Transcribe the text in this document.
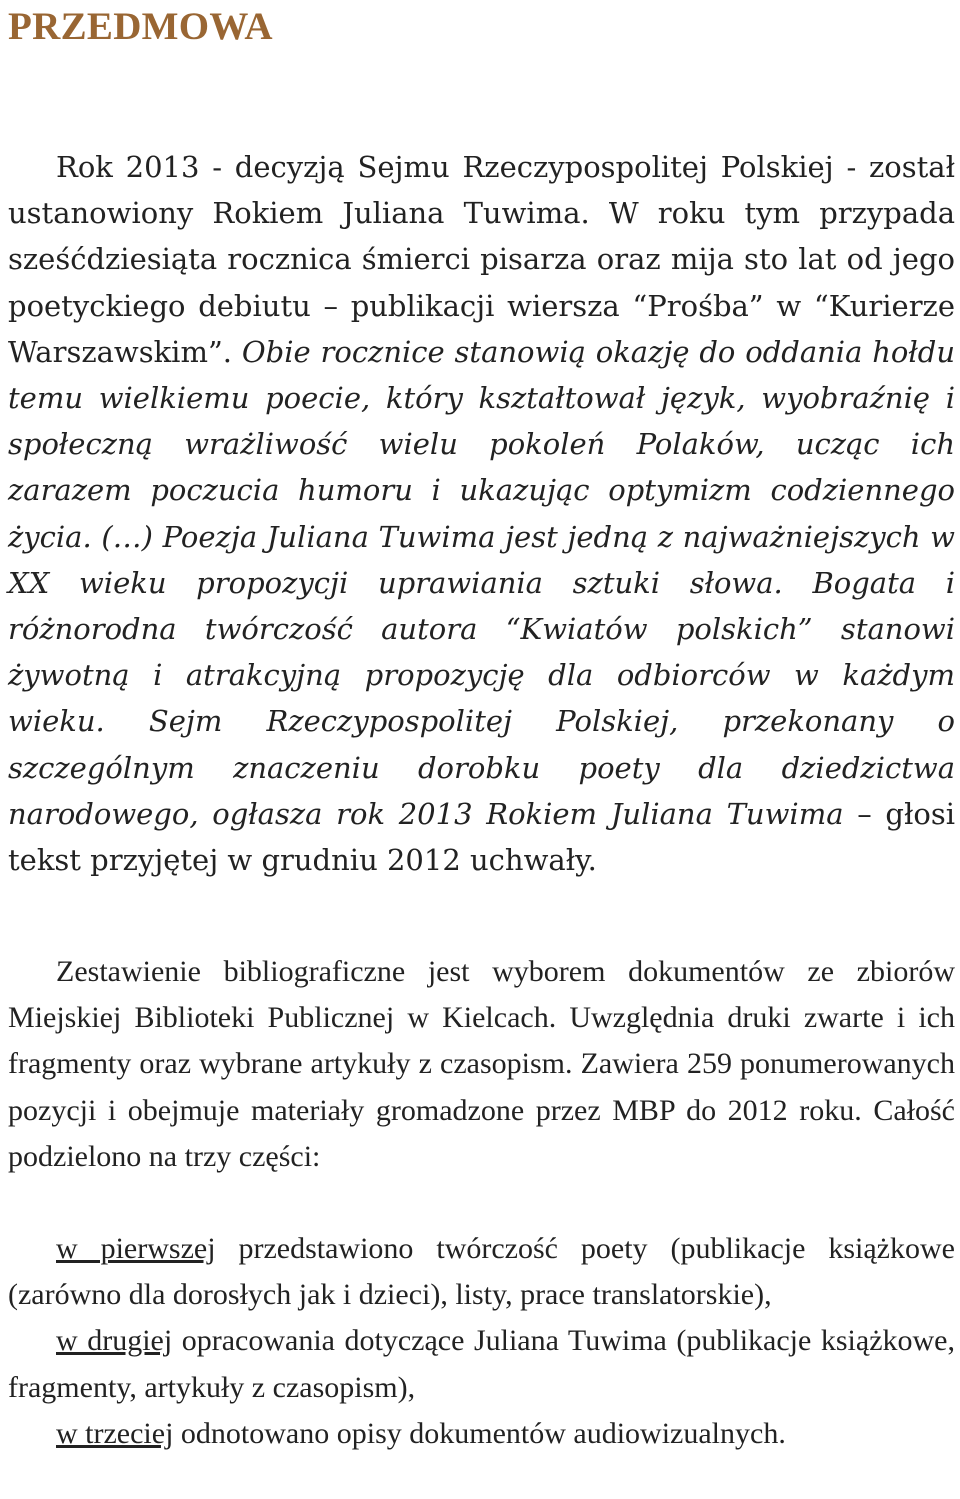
PRZEDMOWA

Rok 2013 - decyzją Sejmu Rzeczypospolitej Polskiej - został ustanowiony Rokiem Juliana Tuwima. W roku tym przypada sześćdziesiąta rocznica śmierci pisarza oraz mija sto lat od jego poetyckiego debiutu – publikacji wiersza “Prośba” w “Kurierze Warszawskim”. Obie rocznice stanowią okazję do oddania hołdu temu wielkiemu poecie, który kształtował język, wyobraźnię i społeczną wrażliwość wielu pokoleń Polaków, ucząc ich zarazem poczucia humoru i ukazując optymizm codziennego życia. (…) Poezja Juliana Tuwima jest jedną z najważniejszych w XX wieku propozycji uprawiania sztuki słowa. Bogata i różnorodna twórczość autora “Kwiatów polskich” stanowi żywotną i atrakcyjną propozycję dla odbiorców w każdym wieku. Sejm Rzeczypospolitej Polskiej, przekonany o szczególnym znaczeniu dorobku poety dla dziedzictwa narodowego, ogłasza rok 2013 Rokiem Juliana Tuwima – głosi tekst przyjętej w grudniu 2012 uchwały.

Zestawienie bibliograficzne jest wyborem dokumentów ze zbiorów Miejskiej Biblioteki Publicznej w Kielcach. Uwzględnia druki zwarte i ich fragmenty oraz wybrane artykuły z czasopism. Zawiera 259 ponumerowanych pozycji i obejmuje materiały gromadzone przez MBP do 2012 roku. Całość podzielono na trzy części:

w pierwszej przedstawiono twórczość poety (publikacje książkowe (zarówno dla dorosłych jak i dzieci), listy, prace translatorskie),

w drugiej opracowania dotyczące Juliana Tuwima (publikacje książkowe, fragmenty, artykuły z czasopism),

w trzeciej odnotowano opisy dokumentów audiowizualnych.
